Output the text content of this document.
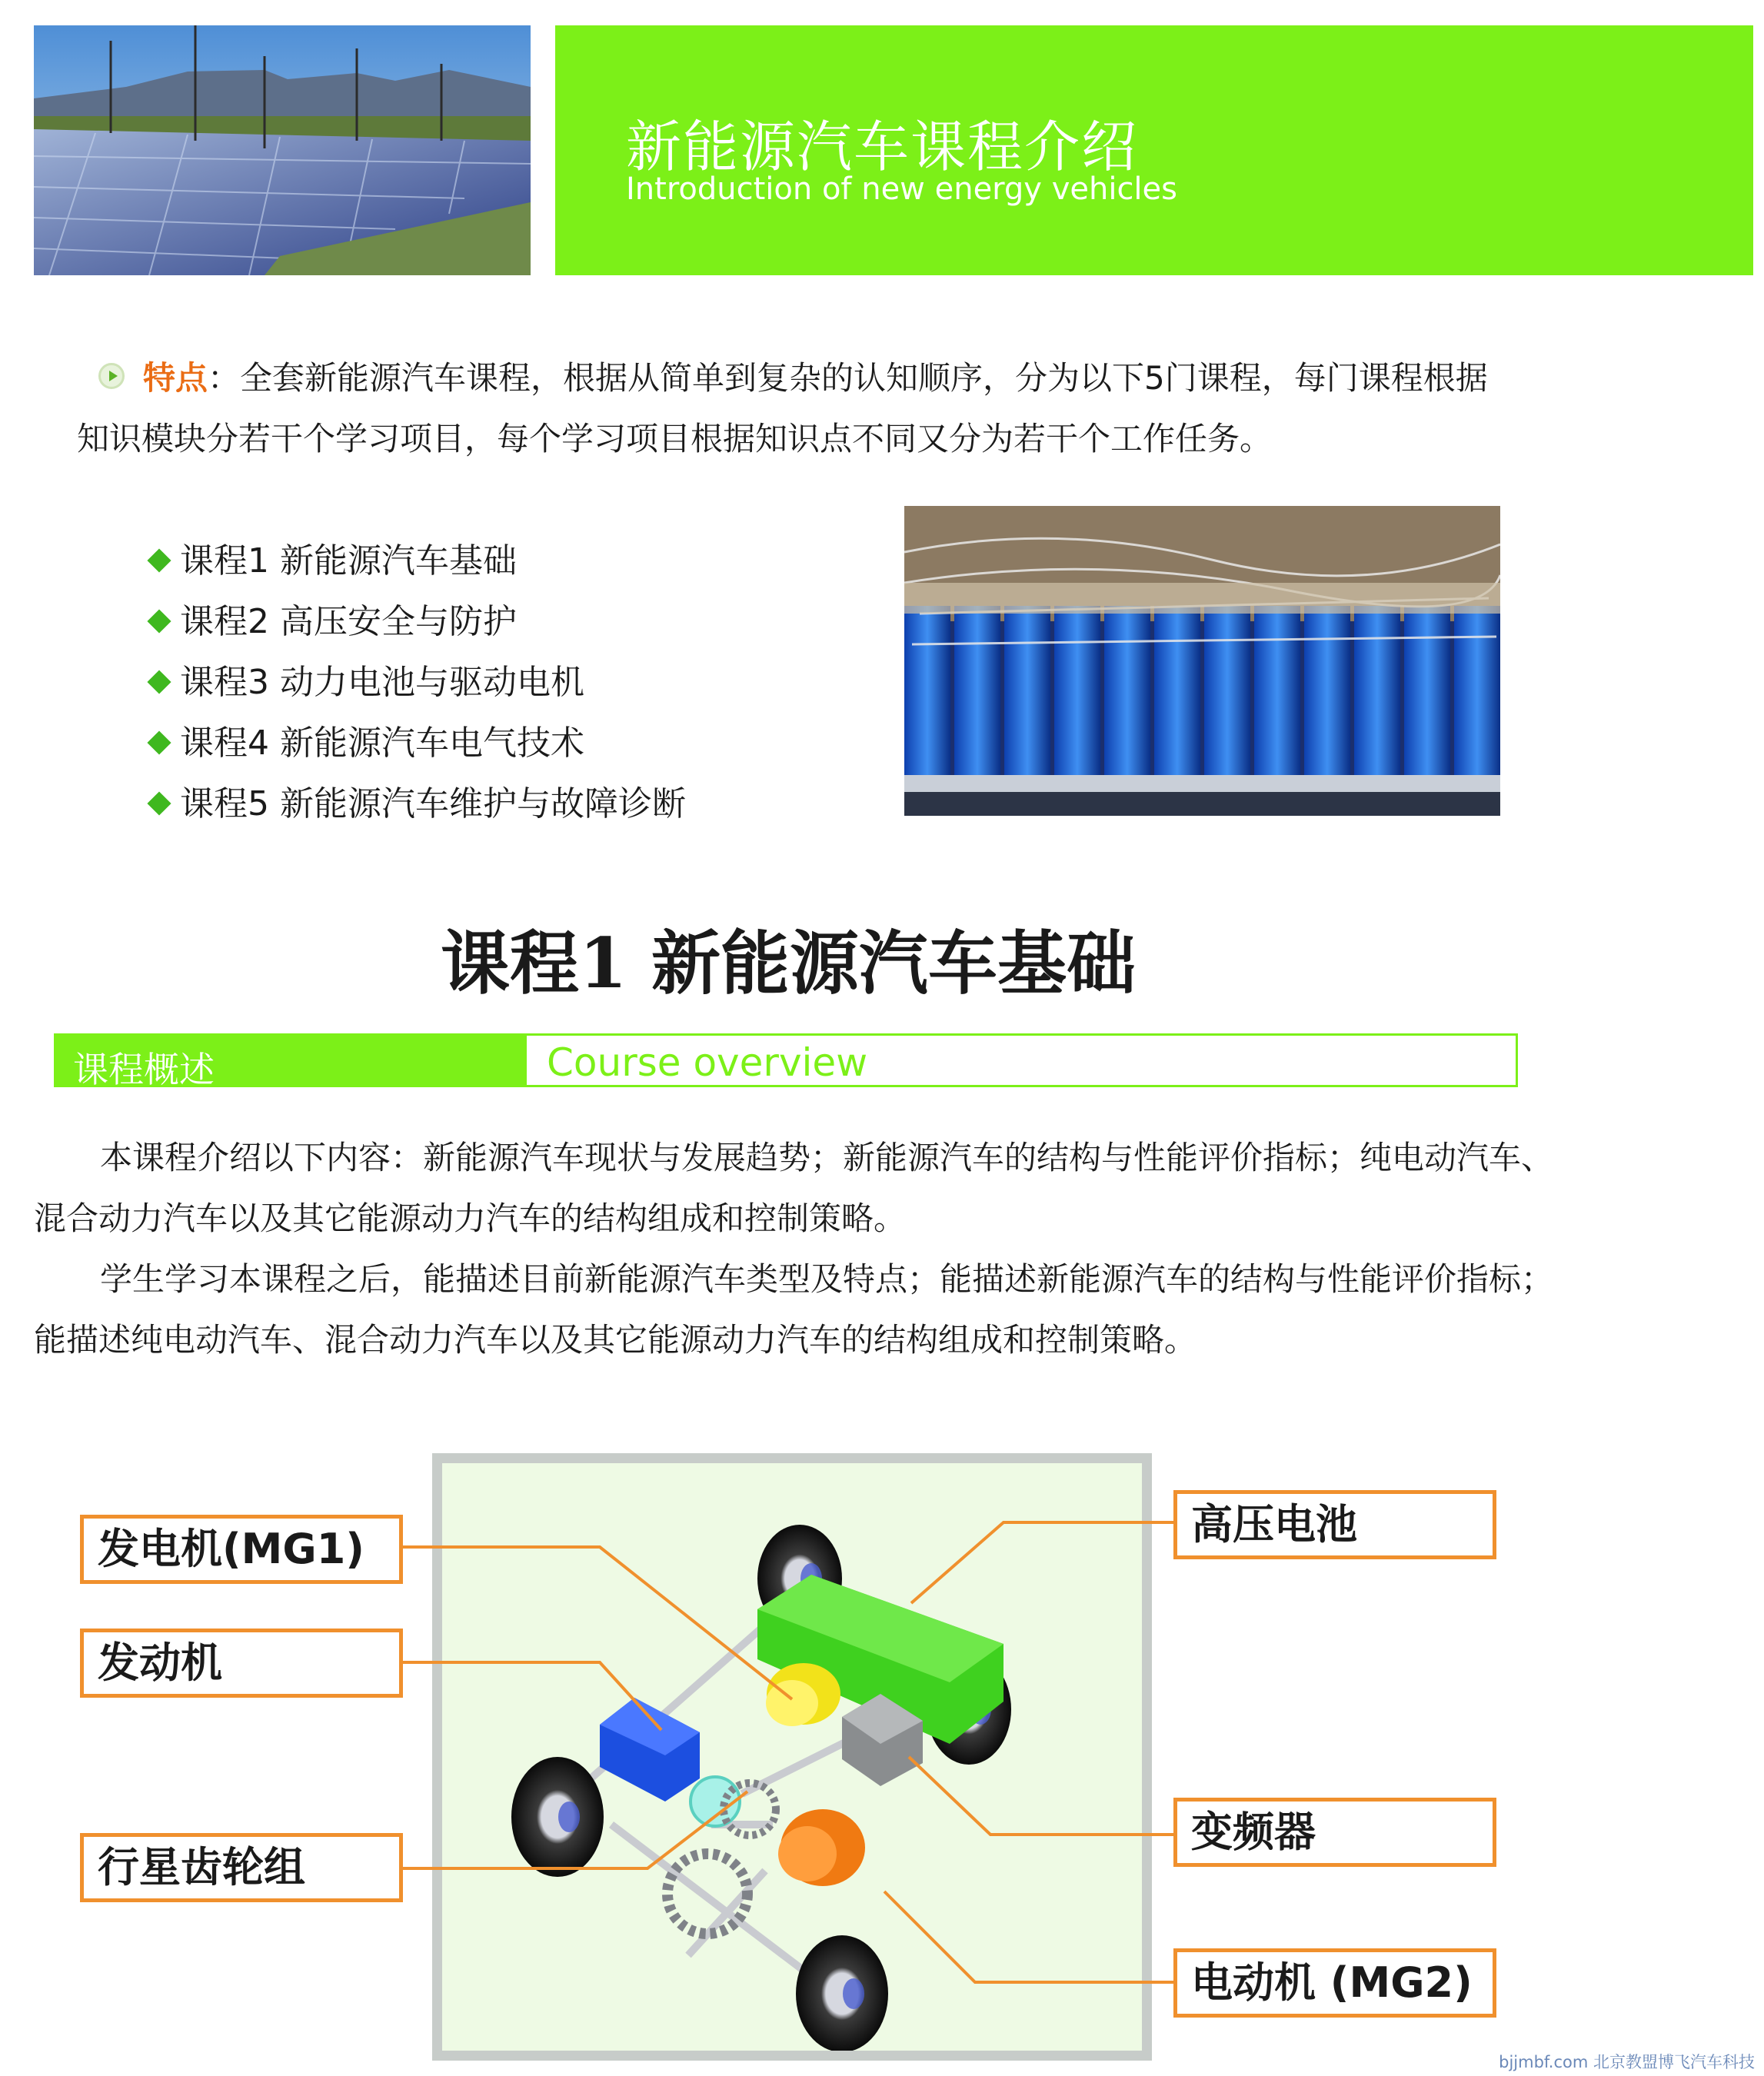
新能源汽车课程介绍
Introduction of new energy vehicles

特点：全套新能源汽车课程，根据从简单到复杂的认知顺序，分为以下5门课程，每门课程根据知识模块分若干个学习项目，每个学习项目根据知识点不同又分为若干个工作任务。

课程1 新能源汽车基础
课程2 高压安全与防护
课程3 动力电池与驱动电机
课程4 新能源汽车电气技术
课程5 新能源汽车维护与故障诊断
课程1 新能源汽车基础
课程概述	Course overview

本课程介绍以下内容：新能源汽车现状与发展趋势；新能源汽车的结构与性能评价指标；纯电动汽车、混合动力汽车以及其它能源动力汽车的结构组成和控制策略。

学生学习本课程之后，能描述目前新能源汽车类型及特点；能描述新能源汽车的结构与性能评价指标；能描述纯电动汽车、混合动力汽车以及其它能源动力汽车的结构组成和控制策略。

发电机(MG1)
发动机
行星齿轮组
高压电池
变频器
电动机 (MG2)
bjjmbf.com 北京教盟博飞汽车科技
